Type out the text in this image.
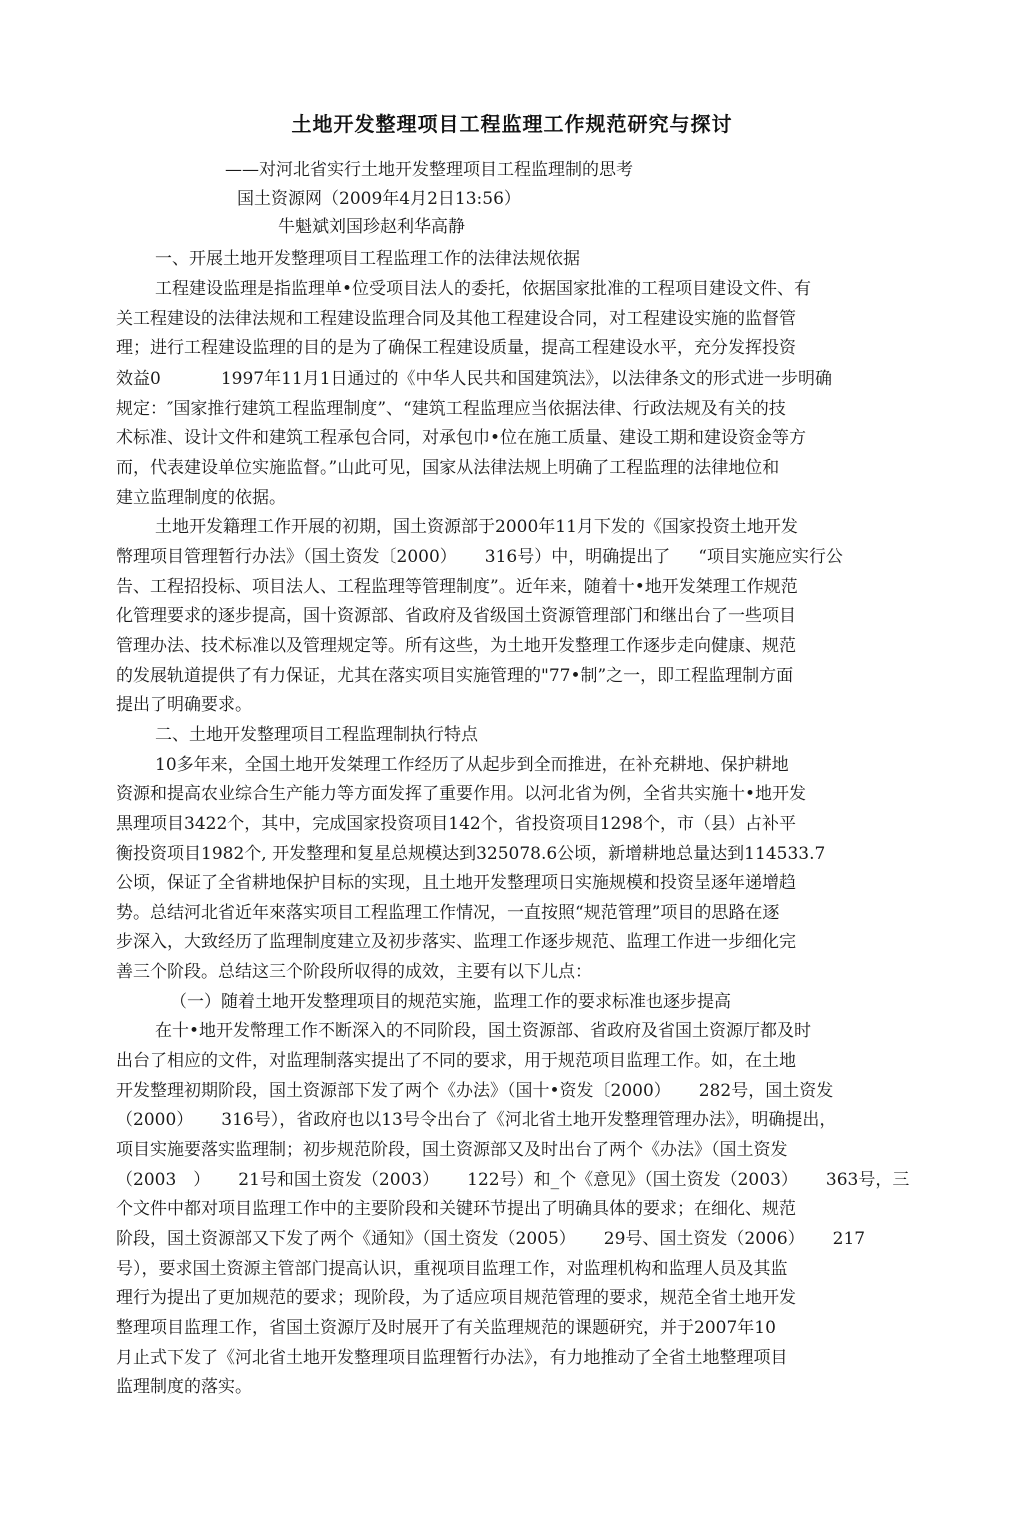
土地开发整理项目工程监理工作规范研究与探讨
——对河北省实行土地开发整理项目工程监理制的思考
国土资源网（2009年4月2日13:56）
牛魁斌刘国珍赵利华高静
一、开展土地开发整理项目工程监理工作的法律法规依据
工程建设监理是指监理单•位受项目法人的委托，依据国家批准的工程项目建设文件、有
关工程建设的法律法规和工程建设监理合同及其他工程建设合同，对工程建设实施的监督管
理；进行工程建设监理的目的是为了确保工程建设质量，提高工程建设水平，充分发挥投资
效益0	1997年11月1日通过的《中华人民共和国建筑法》，以法律条文的形式进一步明确
规定：″国家推行建筑工程监理制度”、“建筑工程监理应当依据法律、行政法规及有关的技
术标准、设计文件和建筑工程承包合同，对承包巾•位在施工质量、建设工期和建设资金等方
而，代表建设单位实施监督。”山此可见，国家从法律法规上明确了工程监理的法律地位和
建立监理制度的依据。
土地开发籍理工作开展的初期，国土资源部于2000年11月下发的《国家投资土地开发
幣理项目管理暂行办法》（国土资发〔2000） 316号）中，明确提出了 “项目实施应实行公
告、工程招投标、项目法人、工程监理等管理制度”。近年来，随着十•地开发桀理工作规范
化管理要求的逐步提高，国十资源部、省政府及省级国土资源管理部门和继出台了一些项目
管理办法、技术标准以及管理规定等。所有这些，为土地开发整理工作逐步走向健康、规范
的发展轨道提供了有力保证，尤其在落实项目实施管理的"77•制”之一，即工程监理制方面
提出了明确要求。
二、土地开发整理项目工程监理制执行特点
10多年来，全国土地开发桀理工作经历了从起步到全而推进，在补充耕地、保护耕地
资源和提高农业综合生产能力等方面发挥了重要作用。以河北省为例，全省共实施十•地开发
黒理项目3422个，其中，完成国家投资项目142个，省投资项目1298个，市（县）占补平
衡投资项目1982个, 开发整理和复星总规模达到325078.6公顷，新增耕地总量达到114533.7
公顷，保证了全省耕地保护目标的实现，且土地开发整理项日实施规模和投资呈逐年递增趋
势。总结河北省近年來落实项目工程监理工作情况，一直按照“规范管理”项目的思路在逐
步深入，大致经历了监理制度建立及初步落实、监理工作逐步规范、监理工作进一步细化完
善三个阶段。总结这三个阶段所収得的成效，主要有以下儿点：
（一）随着土地开发整理项目的规范实施，监理工作的要求标准也逐步提高
在十•地开发幣理工作不断深入的不同阶段，国土资源部、省政府及省国土资源厅都及时
出台了相应的文件，对监理制落实提出了不同的要求，用于规范项目监理工作。如，在土地
开发整理初期阶段，国土资源部下发了两个《办法》（国十•资发〔2000） 282号，国土资发
（2000） 316号），省政府也以13号令出台了《河北省土地开发整理管理办法》，明确提出，
项目实施要落实监理制；初步规范阶段，国土资源部又及时出台了两个《办法》（国土资发
（2003　） 21号和国土资发（2003） 122号）和_个《意见》（国土资发（2003） 363号，三
个文件中都对项目监理工作中的主要阶段和关键环节提出了明确具体的要求；在细化、规范
阶段，国土资源部又下发了两个《通知》（国土资发（2005） 29号、国土资发（2006） 217
号），要求国土资源主管部门提高认识，重视项目监理工作，对监理机构和监理人员及其监
理行为提出了更加规范的要求；现阶段，为了适应项目规范管理的要求，规范全省土地开发
整理项目监理工作，省国土资源厅及时展开了有关监理规范的课题研究，并于2007年10
月止式下发了《河北省土地开发整理项目监理暂行办法》，有力地推动了全省土地整理项目
监理制度的落实。
